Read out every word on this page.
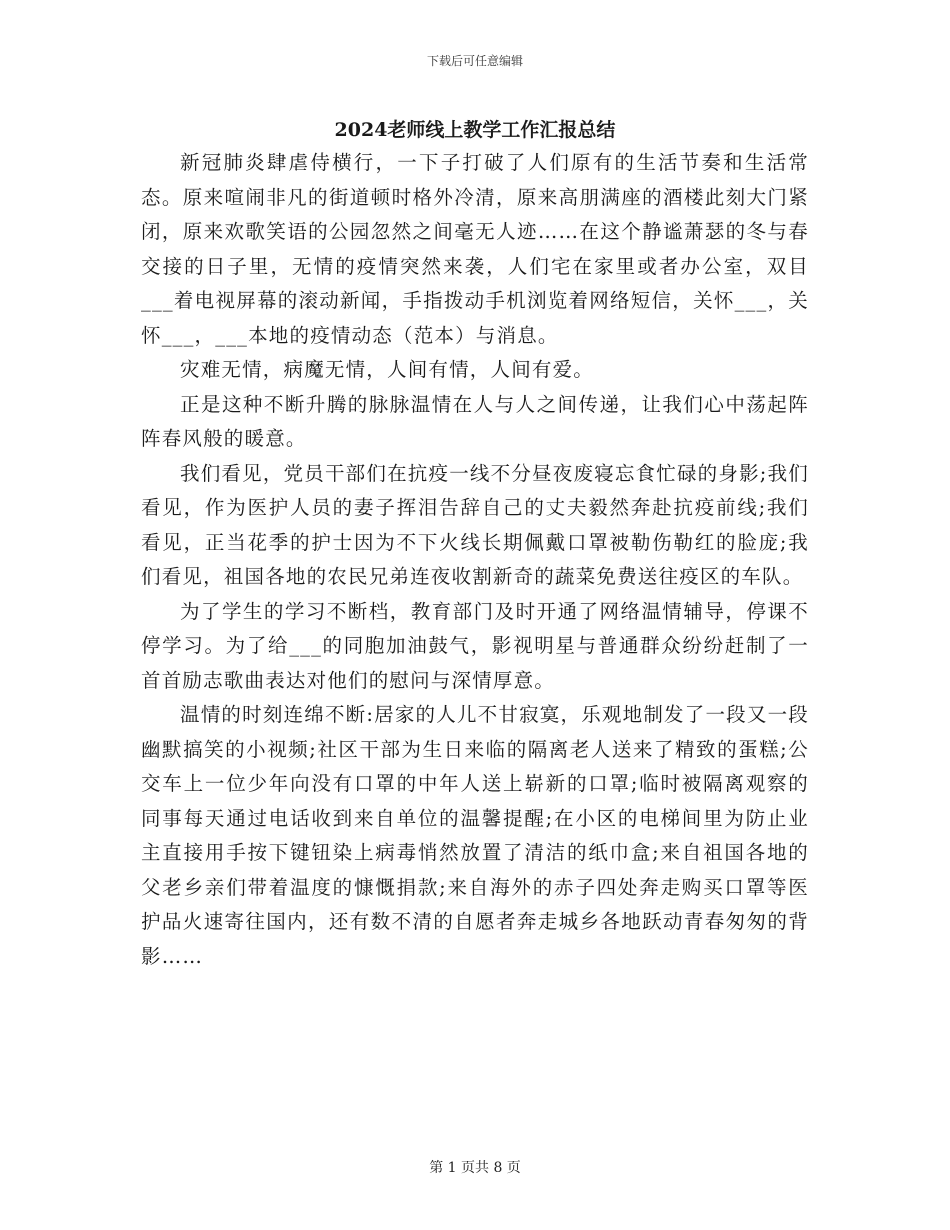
下载后可任意编辑
2024老师线上教学工作汇报总结

新冠肺炎肆虐侍横行，一下子打破了人们原有的生活节奏和生活常态。原来喧闹非凡的街道顿时格外冷清，原来高朋满座的酒楼此刻大门紧闭，原来欢歌笑语的公园忽然之间毫无人迹……在这个静谧萧瑟的冬与春交接的日子里，无情的疫情突然来袭，人们宅在家里或者办公室，双目___着电视屏幕的滚动新闻，手指拨动手机浏览着网络短信，关怀___，关怀___，___本地的疫情动态（范本）与消息。

灾难无情，病魔无情，人间有情，人间有爱。

正是这种不断升腾的脉脉温情在人与人之间传递，让我们心中荡起阵阵春风般的暖意。

我们看见，党员干部们在抗疫一线不分昼夜废寝忘食忙碌的身影;我们看见，作为医护人员的妻子挥泪告辞自己的丈夫毅然奔赴抗疫前线;我们看见，正当花季的护士因为不下火线长期佩戴口罩被勒伤勒红的脸庞;我们看见，祖国各地的农民兄弟连夜收割新奇的蔬菜免费送往疫区的车队。

为了学生的学习不断档，教育部门及时开通了网络温情辅导，停课不停学习。为了给___的同胞加油鼓气，影视明星与普通群众纷纷赶制了一首首励志歌曲表达对他们的慰问与深情厚意。

温情的时刻连绵不断:居家的人儿不甘寂寞，乐观地制发了一段又一段幽默搞笑的小视频;社区干部为生日来临的隔离老人送来了精致的蛋糕;公交车上一位少年向没有口罩的中年人送上崭新的口罩;临时被隔离观察的同事每天通过电话收到来自单位的温馨提醒;在小区的电梯间里为防止业主直接用手按下键钮染上病毒悄然放置了清洁的纸巾盒;来自祖国各地的父老乡亲们带着温度的慷慨捐款;来自海外的赤子四处奔走购买口罩等医护品火速寄往国内，还有数不清的自愿者奔走城乡各地跃动青春匆匆的背影……

第 1 页共 8 页
